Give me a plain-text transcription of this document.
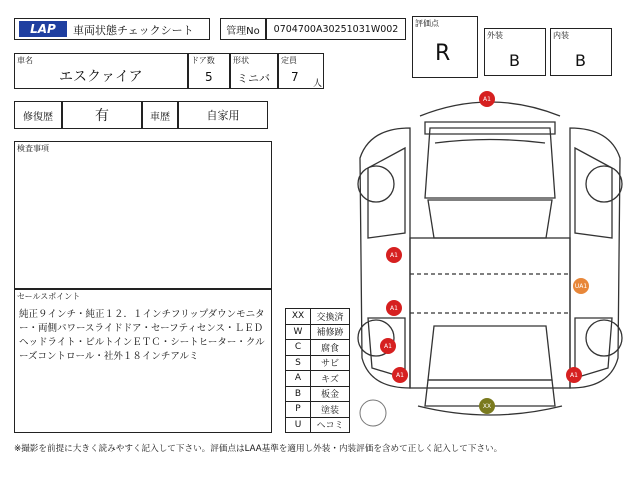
LAP	車両状態チェックシート	管理No	0704700A30251031W002
車名
エスクァイア
ドア数
5
形状
ミニバ
定員
7 人
評価点
R
外装
B
内装
B
修復歴	有	車歴	自家用
検査事項
セールスポイント
純正９インチ・純正１２．１インチフリップダウンモニター・両側パワースライドドア・セーフティセンス・ＬＥＤヘッドライト・ビルトインＥＴＣ・シートヒーター・クルーズコントロール・社外１８インチアルミ
XX	交換済
W	補修跡
C	腐食
S	サビ
A	キズ
B	板金
P	塗装
U	ヘコミ
A1
A1
A1
UA1
A1
A1	A1
XX
※撮影を前提に大きく読みやすく記入して下さい。評価点はLAA基準を適用し外装・内装評価を含めて正しく記入して下さい。
